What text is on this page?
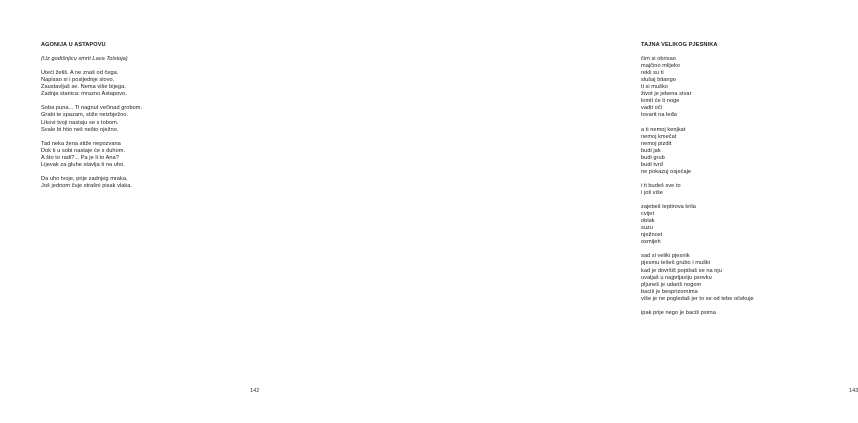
AGONIJA U ASTAPOVU
(Uz godišnjicu smrti Lava Tolstoja)
Uteći želiš. A ne znaš od čega.
Napisao si i posljednje slovo.
Zaustavljaš se. Nema više bijega.
Zadnja stanica: mrazno Astapovo.
Soba puna... Ti nagnut večinad grobom.
Grabi te spazam, stiže neizbježno.
Likovi tvoji nastaju se s tobom.
Svale bi htio neš nešto nježno.
Tad neka žena stiže nepozvana
Dok ti u sobi nastaje će s duhom.
A što to radi?... Pa je li to Ana?
Lijevak za gluhe stavlja ti na uho.
Da uho tvoje, prije zadnjeg mraka,
Još jednom čuje strašni pisak vlaka.
142
TAJNA VELIKOG PJESNIKA
čim si obrisao
majčino mlijeko
rekli su ti
slušaj bitango
ti si muško
život je jebena stvar
lomit će ti noge
vadit oči
tovarit na leđa
a ti nemoj kenjkat
nemoj kmečat
nemoj pizdit
budi jak
budi grub
budi tvrd
ne pokazuj osjećaje
i ti budeš sve to
i još više
zajebeš leptirova krila
cvijet
oblak
suzu
nježnost
osmijeh
sad si veliki pjesnik
pjesmu tešeš grubo i muški
kad je dovršiš popišaš se na nju
uvaljaš u najprljaviju psovku
pljuneš je udariš nogom
baciš je besprizornima
više je ne pogledaš jer to se od tebe očekuje
ipak prije nego je baciš psima
143
